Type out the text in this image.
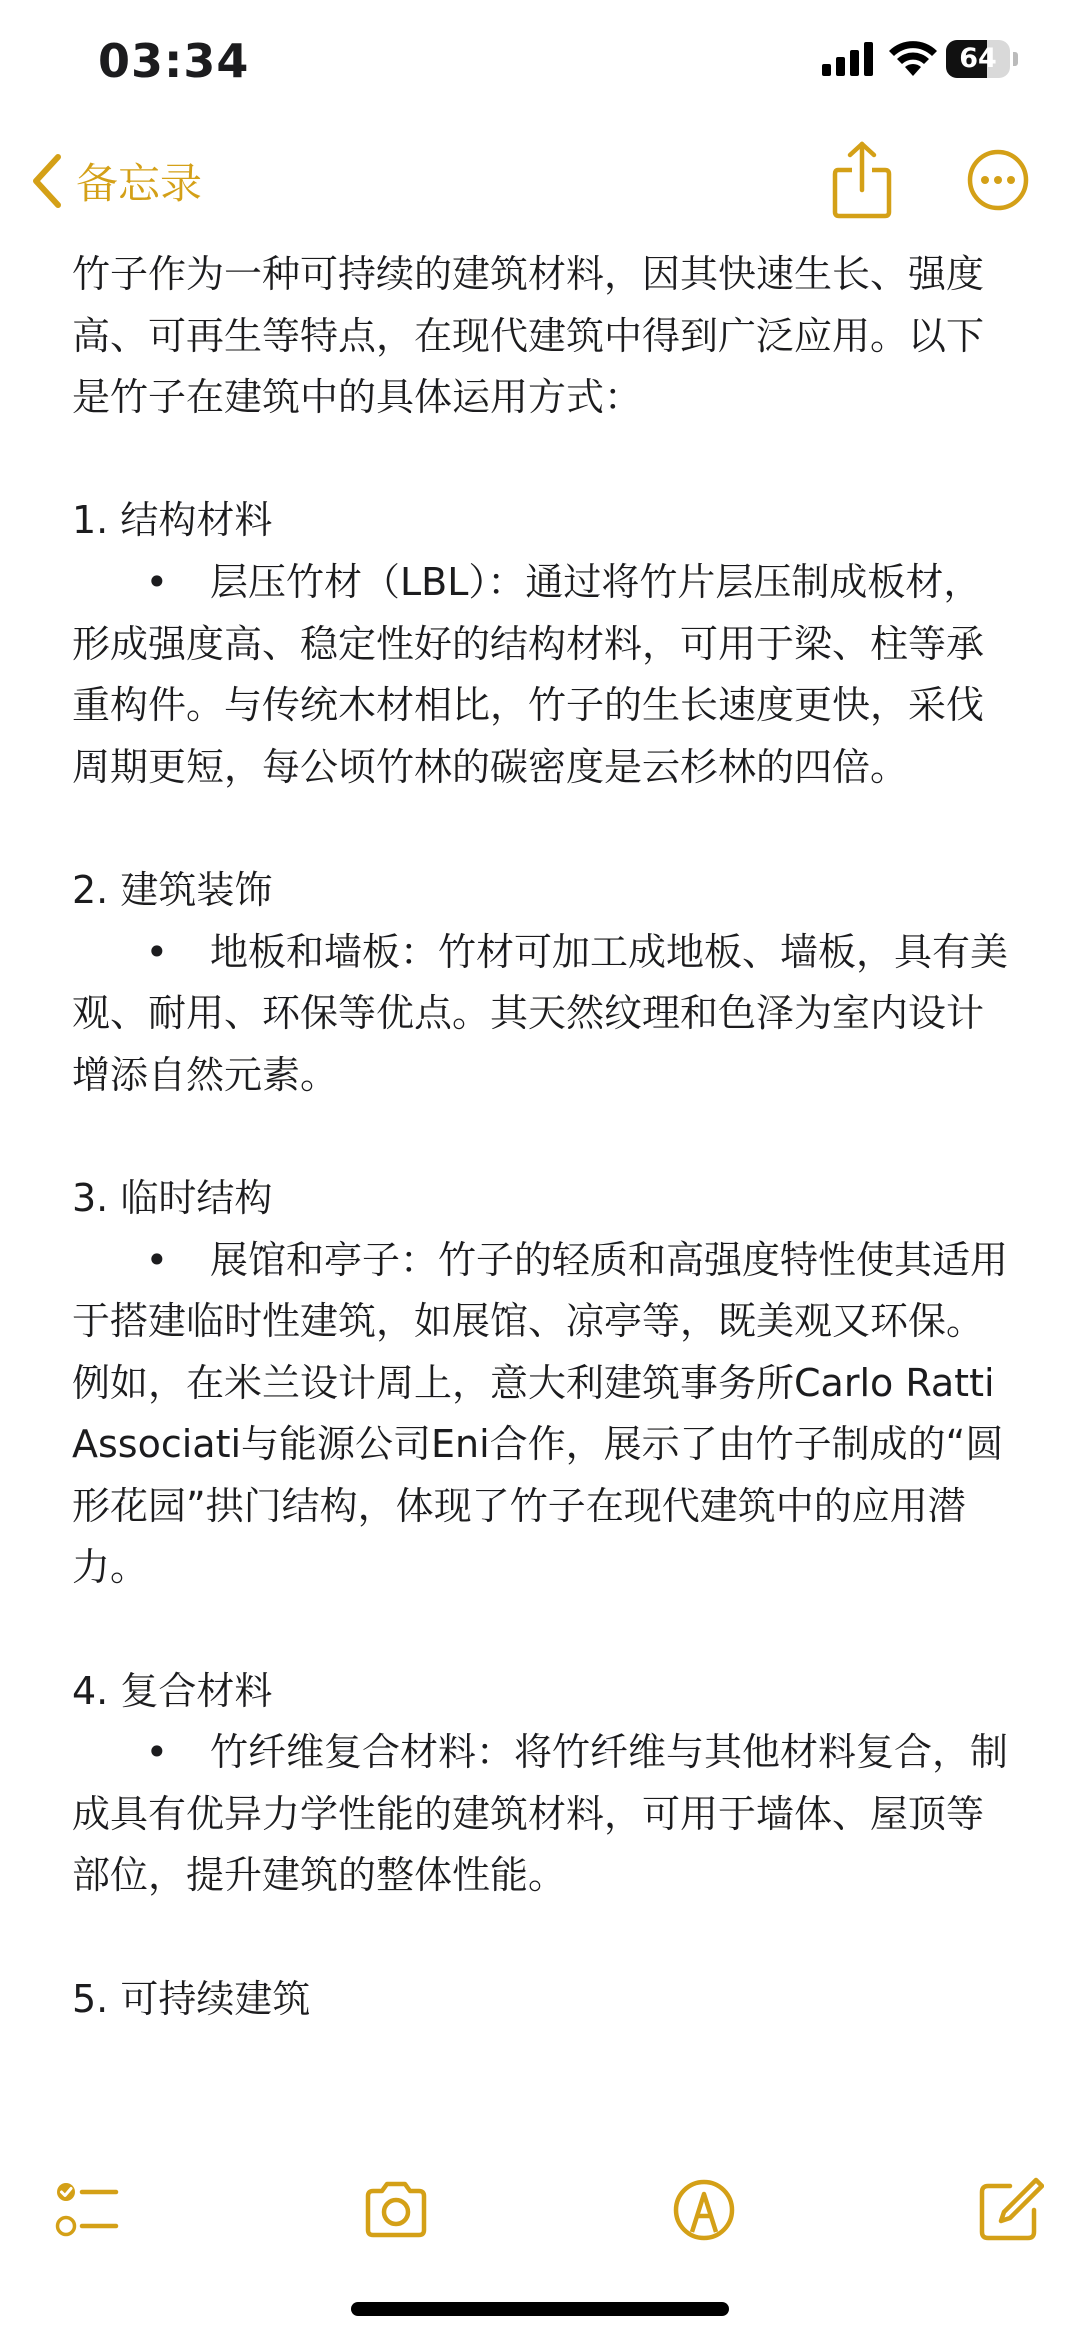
03:34	64
备忘录

竹子作为一种可持续的建筑材料，因其快速生长、强度高、可再生等特点，在现代建筑中得到广泛应用。以下是竹子在建筑中的具体运用方式：

1. 结构材料

• 层压竹材（LBL）：通过将竹片层压制成板材，形成强度高、稳定性好的结构材料，可用于梁、柱等承重构件。与传统木材相比，竹子的生长速度更快，采伐周期更短，每公顷竹林的碳密度是云杉林的四倍。

2. 建筑装饰

• 地板和墙板：竹材可加工成地板、墙板，具有美观、耐用、环保等优点。其天然纹理和色泽为室内设计增添自然元素。

3. 临时结构

• 展馆和亭子：竹子的轻质和高强度特性使其适用于搭建临时性建筑，如展馆、凉亭等，既美观又环保。例如，在米兰设计周上，意大利建筑事务所Carlo Ratti Associati与能源公司Eni合作，展示了由竹子制成的“圆形花园”拱门结构，体现了竹子在现代建筑中的应用潜力。

4. 复合材料

• 竹纤维复合材料：将竹纤维与其他材料复合，制成具有优异力学性能的建筑材料，可用于墙体、屋顶等部位，提升建筑的整体性能。

5. 可持续建筑
